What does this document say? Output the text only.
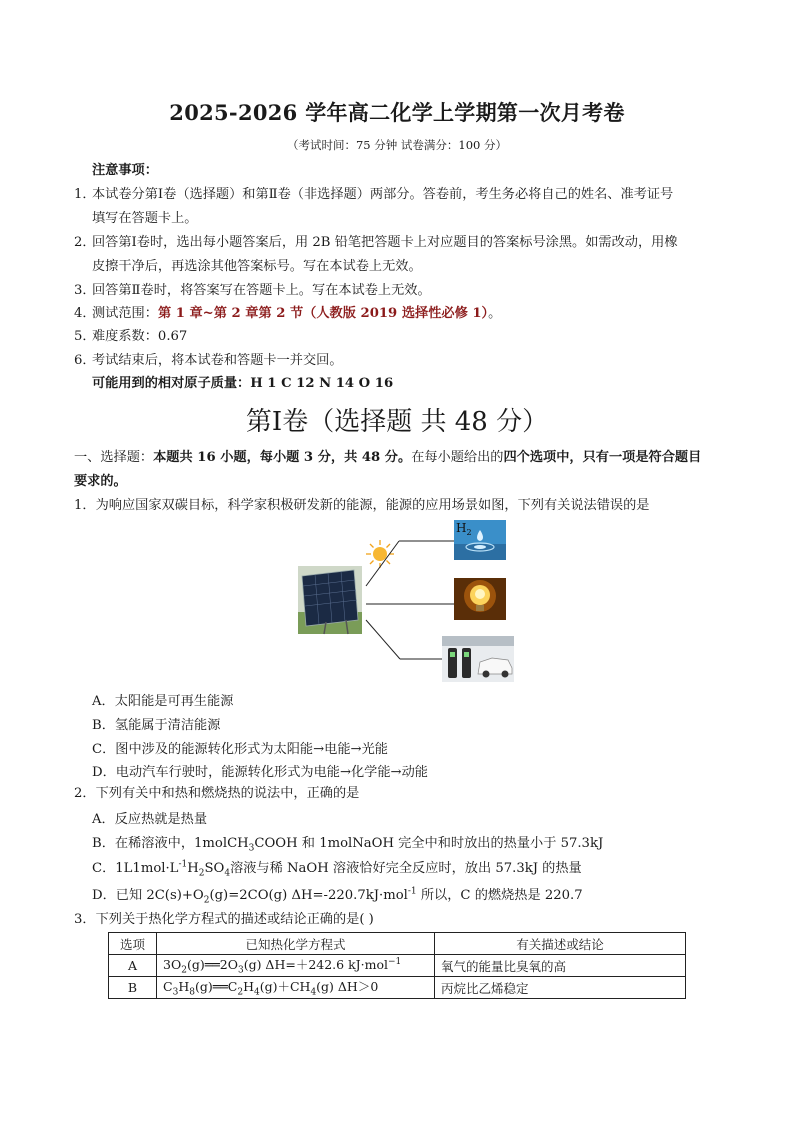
2025-2026 学年高二化学上学期第一次月考卷
（考试时间：75 分钟 试卷满分：100 分）
注意事项：
1．本试卷分第Ⅰ卷（选择题）和第Ⅱ卷（非选择题）两部分。答卷前，考生务必将自己的姓名、准考证号
填写在答题卡上。
2．回答第Ⅰ卷时，选出每小题答案后，用 2B 铅笔把答题卡上对应题目的答案标号涂黑。如需改动，用橡
皮擦干净后，再选涂其他答案标号。写在本试卷上无效。
3．回答第Ⅱ卷时，将答案写在答题卡上。写在本试卷上无效。
4．测试范围：第 1 章~第 2 章第 2 节（人教版 2019 选择性必修 1）。
5．难度系数：0.67
6．考试结束后，将本试卷和答题卡一并交回。
可能用到的相对原子质量：H 1 C 12 N 14 O 16
第Ⅰ卷（选择题 共 48 分）
一、选择题：本题共 16 小题，每小题 3 分，共 48 分。在每小题给出的四个选项中，只有一项是符合题目
要求的。
1．为响应国家双碳目标，科学家积极研发新的能源，能源的应用场景如图，下列有关说法错误的是
$H_2$
A．太阳能是可再生能源
B．氢能属于清洁能源
C．图中涉及的能源转化形式为太阳能→电能→光能
D．电动汽车行驶时，能源转化形式为电能→化学能→动能
2．下列有关中和热和燃烧热的说法中，正确的是
A．反应热就是热量
B．在稀溶液中，1molCH$_3$COOH 和 1molNaOH 完全中和时放出的热量小于 57.3kJ
C．$1L1mol\cdot L^{-1}H_2SO_4$溶液与稀 NaOH 溶液恰好完全反应时，放出 57.3kJ 的热量
D．已知 $2C(s)+O_2(g)=2CO(g)$ ΔH=-220.7kJ·mol$^{-1}$ 所以，C 的燃烧热是 220.7
3．下列关于热化学方程式的描述或结论正确的是( )
选项	已知热化学方程式	有关描述或结论
A	$3O_2(g)══2O_3(g)$ ΔH=＋242.6 kJ·mol$^{-1}$	氧气的能量比臭氧的高
B	$C_3H_8(g)══C_2H_4(g)+CH_4(g)$ ΔH＞0	丙烷比乙烯稳定
